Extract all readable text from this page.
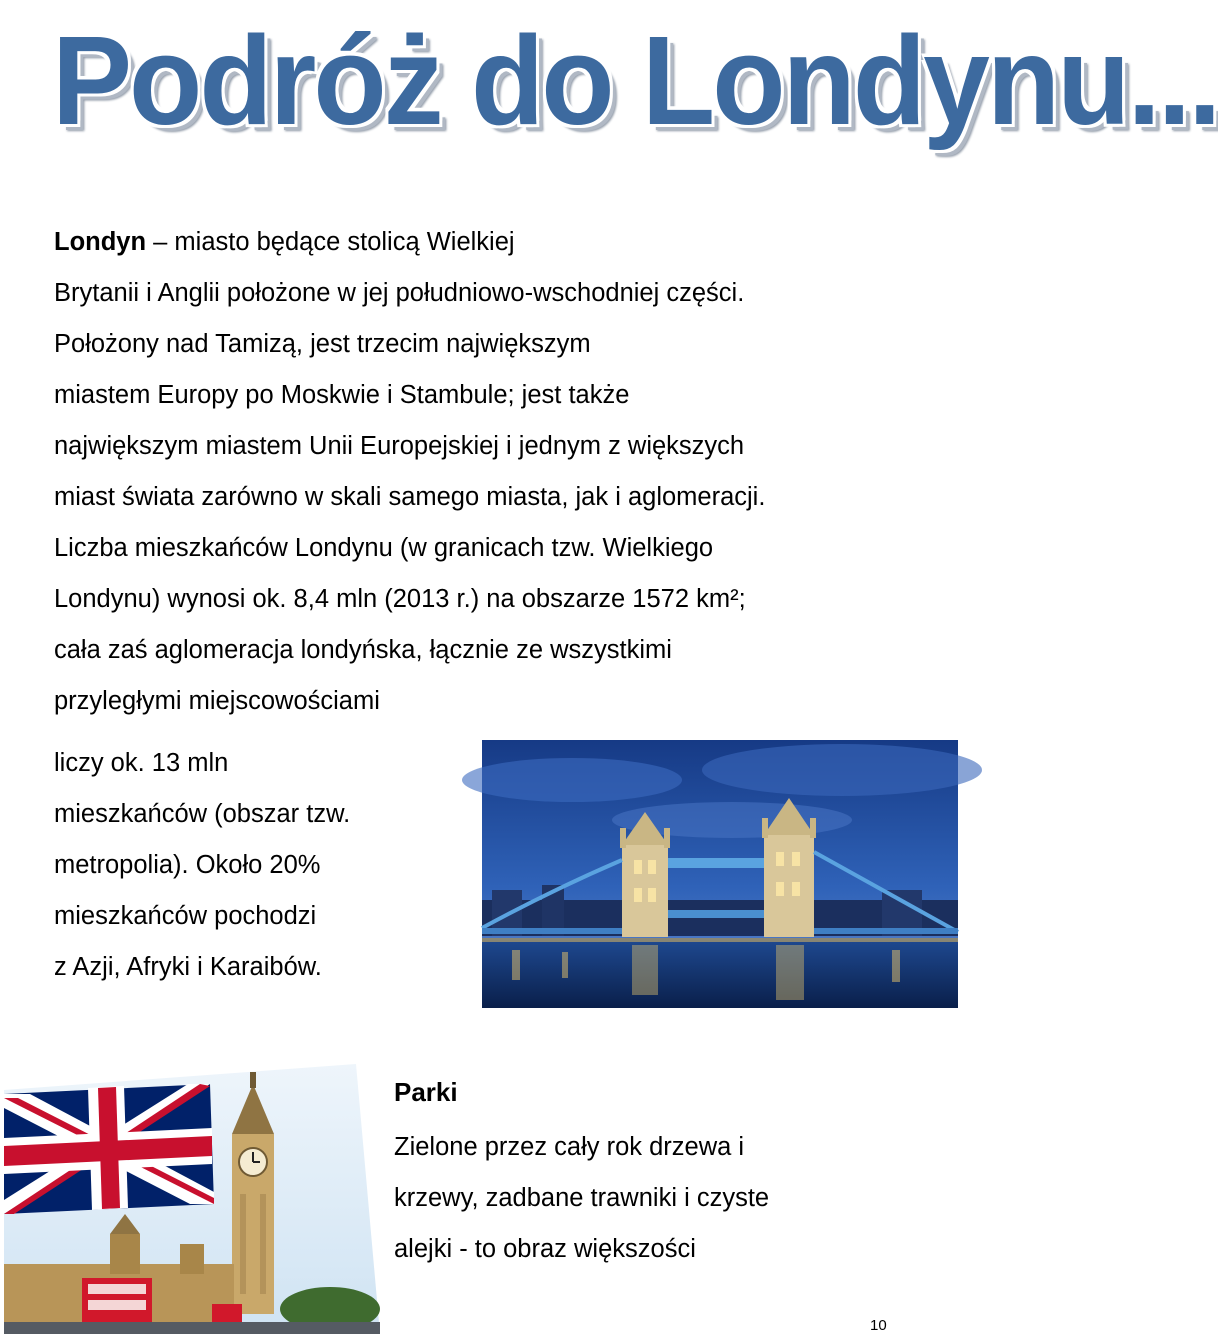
Podróż do Londynu...
Londyn – miasto będące stolicą Wielkiej
Brytanii i Anglii położone w jej południowo-wschodniej części.
Położony nad Tamizą, jest trzecim największym
miastem Europy po Moskwie i Stambule; jest także
największym miastem Unii Europejskiej i jednym z większych
miast świata zarówno w skali samego miasta, jak i aglomeracji.
Liczba mieszkańców Londynu (w granicach tzw. Wielkiego
Londynu) wynosi ok. 8,4 mln (2013 r.) na obszarze 1572 km²;
cała zaś aglomeracja londyńska, łącznie ze wszystkimi
przyległymi miejscowościami
liczy ok. 13 mln
mieszkańców (obszar tzw.
metropolia). Około 20%
mieszkańców pochodzi
z Azji, Afryki i Karaibów.
Parki
Zielone przez cały rok drzewa i
krzewy, zadbane trawniki i czyste
alejki - to obraz większości
10
